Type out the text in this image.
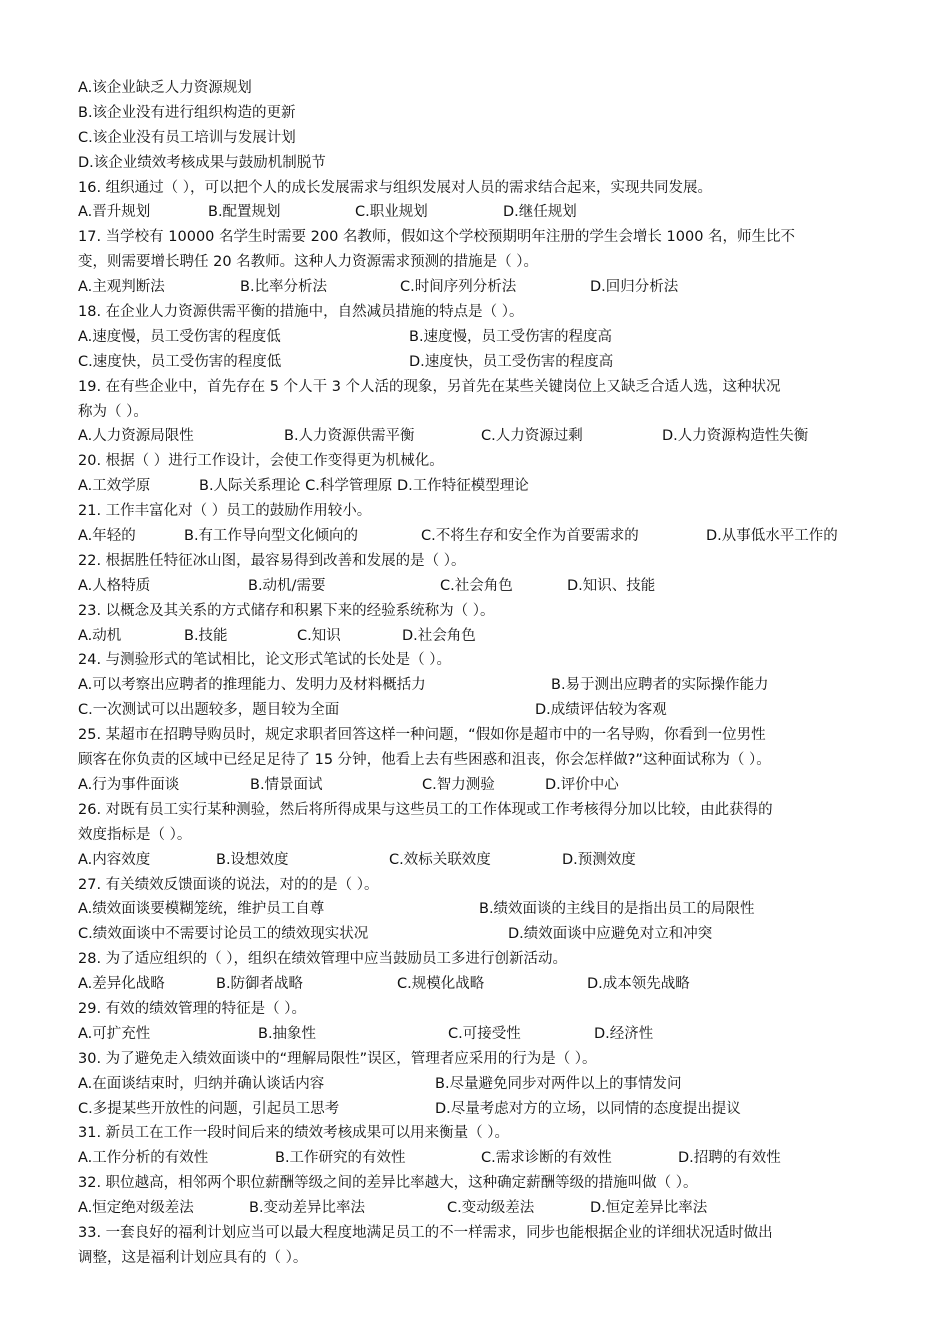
A.该企业缺乏人力资源规划
B.该企业没有进行组织构造的更新
C.该企业没有员工培训与发展计划
D.该企业绩效考核成果与鼓励机制脱节
16. 组织通过（ ），可以把个人的成长发展需求与组织发展对人员的需求结合起来，实现共同发展。
A.晋升规划	B.配置规划	C.职业规划	D.继任规划
17. 当学校有 10000 名学生时需要 200 名教师，假如这个学校预期明年注册的学生会增长 1000 名，师生比不
变，则需要增长聘任 20 名教师。这种人力资源需求预测的措施是（ ）。
A.主观判断法	B.比率分析法	C.时间序列分析法	D.回归分析法
18. 在企业人力资源供需平衡的措施中，自然减员措施的特点是（ ）。
A.速度慢，员工受伤害的程度低	B.速度慢，员工受伤害的程度高
C.速度快，员工受伤害的程度低	D.速度快，员工受伤害的程度高
19. 在有些企业中，首先存在 5 个人干 3 个人活的现象，另首先在某些关键岗位上又缺乏合适人选，这种状况
称为（ ）。
A.人力资源局限性	B.人力资源供需平衡	C.人力资源过剩	D.人力资源构造性失衡
20. 根据（ ）进行工作设计，会使工作变得更为机械化。
A.工效学原	B.人际关系理论 C.科学管理原 D.工作特征模型理论
21. 工作丰富化对（ ）员工的鼓励作用较小。
A.年轻的	B.有工作导向型文化倾向的	C.不将生存和安全作为首要需求的	D.从事低水平工作的
22. 根据胜任特征冰山图，最容易得到改善和发展的是（ ）。
A.人格特质	B.动机/需要	C.社会角色	D.知识、技能
23. 以概念及其关系的方式储存和积累下来的经验系统称为（ ）。
A.动机	B.技能	C.知识	D.社会角色
24. 与测验形式的笔试相比，论文形式笔试的长处是（ ）。
A.可以考察出应聘者的推理能力、发明力及材料概括力	B.易于测出应聘者的实际操作能力
C.一次测试可以出题较多，题目较为全面	D.成绩评估较为客观
25. 某超市在招聘导购员时，规定求职者回答这样一种问题，“假如你是超市中的一名导购，你看到一位男性
顾客在你负责的区域中已经足足待了 15 分钟，他看上去有些困惑和沮丧，你会怎样做?”这种面试称为（ ）。
A.行为事件面谈	B.情景面试	C.智力测验	D.评价中心
26. 对既有员工实行某种测验，然后将所得成果与这些员工的工作体现或工作考核得分加以比较，由此获得的
效度指标是（ ）。
A.内容效度	B.设想效度	C.效标关联效度	D.预测效度
27. 有关绩效反馈面谈的说法，对的的是（ ）。
A.绩效面谈要模糊笼统，维护员工自尊	B.绩效面谈的主线目的是指出员工的局限性
C.绩效面谈中不需要讨论员工的绩效现实状况	D.绩效面谈中应避免对立和冲突
28. 为了适应组织的（ ），组织在绩效管理中应当鼓励员工多进行创新活动。
A.差异化战略	B.防御者战略	C.规模化战略	D.成本领先战略
29. 有效的绩效管理的特征是（ ）。
A.可扩充性	B.抽象性	C.可接受性	D.经济性
30. 为了避免走入绩效面谈中的“理解局限性”误区，管理者应采用的行为是（ ）。
A.在面谈结束时，归纳并确认谈话内容	B.尽量避免同步对两件以上的事情发问
C.多提某些开放性的问题，引起员工思考	D.尽量考虑对方的立场，以同情的态度提出提议
31. 新员工在工作一段时间后来的绩效考核成果可以用来衡量（ ）。
A.工作分析的有效性	B.工作研究的有效性	C.需求诊断的有效性	D.招聘的有效性
32. 职位越高，相邻两个职位薪酬等级之间的差异比率越大，这种确定薪酬等级的措施叫做（ ）。
A.恒定绝对级差法	B.变动差异比率法	C.变动级差法	D.恒定差异比率法
33. 一套良好的福利计划应当可以最大程度地满足员工的不一样需求，同步也能根据企业的详细状况适时做出
调整，这是福利计划应具有的（ ）。
